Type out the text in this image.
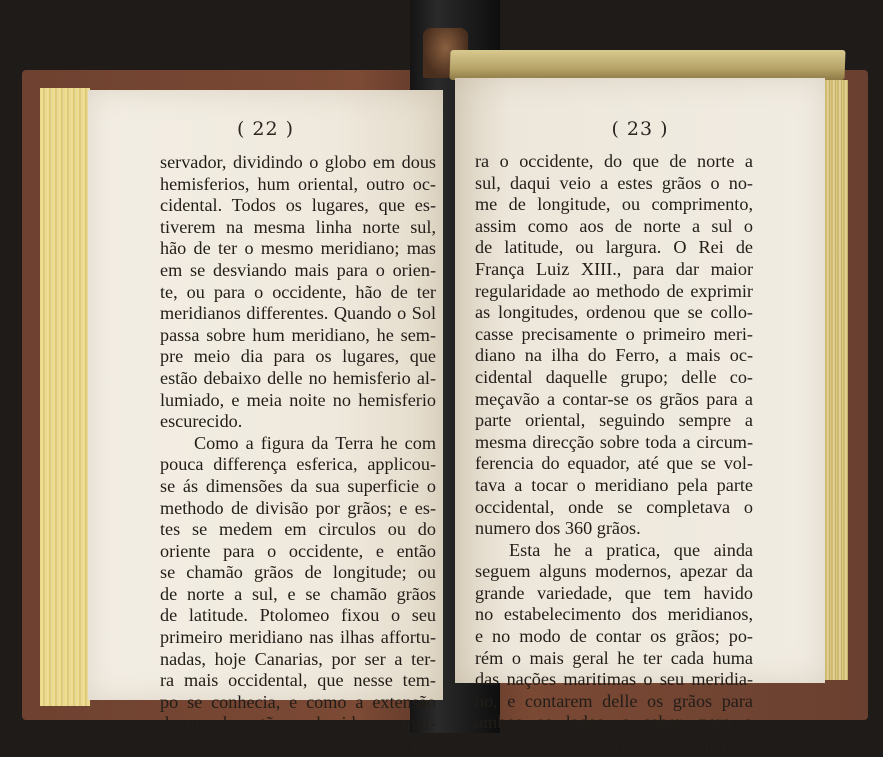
( 22 )
servador, dividindo o globo em dous
hemisferios, hum oriental, outro oc-
cidental. Todos os lugares, que es-
tiverem na mesma linha norte sul,
hão de ter o mesmo meridiano; mas
em se desviando mais para o orien-
te, ou para o occidente, hão de ter
meridianos differentes. Quando o Sol
passa sobre hum meridiano, he sem-
pre meio dia para os lugares, que
estão debaixo delle no hemisferio al-
lumiado, e meia noite no hemisferio
escurecido.
Como a figura da Terra he com
pouca differença esferica, applicou-
se ás dimensões da sua superficie o
methodo de divisão por grãos; e es-
tes se medem em circulos ou do
oriente para o occidente, e então
se chamão grãos de longitude; ou
de norte a sul, e se chamão grãos
de latitude. Ptolomeo fixou o seu
primeiro meridiano nas ilhas affortu-
nadas, hoje Canarias, por ser a ter-
ra mais occidental, que nesse tem-
po se conhecia, e como a extensão
do mundo então conhecido era mui-
to mais consideravel do oriente pa-
( 23 )
ra o occidente, do que de norte a
sul, daqui veio a estes grãos o no-
me de longitude, ou comprimento,
assim como aos de norte a sul o
de latitude, ou largura. O Rei de
França Luiz XIII., para dar maior
regularidade ao methodo de exprimir
as longitudes, ordenou que se collo-
casse precisamente o primeiro meri-
diano na ilha do Ferro, a mais oc-
cidental daquelle grupo; delle co-
meçavão a contar-se os grãos para a
parte oriental, seguindo sempre a
mesma direcção sobre toda a circum-
ferencia do equador, até que se vol-
tava a tocar o meridiano pela parte
occidental, onde se completava o
numero dos 360 grãos.
Esta he a pratica, que ainda
seguem alguns modernos, apezar da
grande variedade, que tem havido
no estabelecimento dos meridianos,
e no modo de contar os grãos; po-
rém o mais geral he ter cada huma
das nações maritimas o seu meridia-
no, e contarem delle os grãos para
ambos os lados, a saber, para o
oriente até 180 grãos, que chamão
